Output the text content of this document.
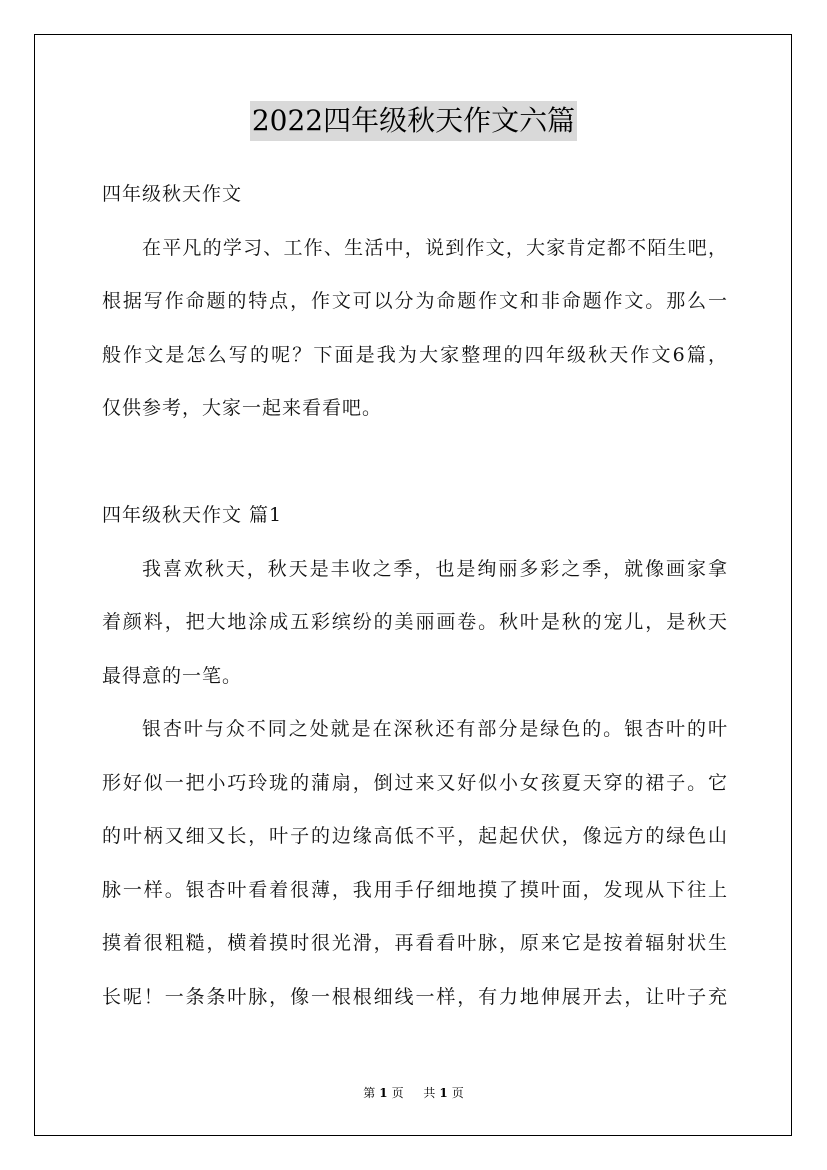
2022四年级秋天作文六篇
四年级秋天作文
在平凡的学习、工作、生活中，说到作文，大家肯定都不陌生吧，
根据写作命题的特点，作文可以分为命题作文和非命题作文。那么一
般作文是怎么写的呢？下面是我为大家整理的四年级秋天作文6篇，
仅供参考，大家一起来看看吧。
四年级秋天作文 篇1
我喜欢秋天，秋天是丰收之季，也是绚丽多彩之季，就像画家拿
着颜料，把大地涂成五彩缤纷的美丽画卷。秋叶是秋的宠儿，是秋天
最得意的一笔。
银杏叶与众不同之处就是在深秋还有部分是绿色的。银杏叶的叶
形好似一把小巧玲珑的蒲扇，倒过来又好似小女孩夏天穿的裙子。它
的叶柄又细又长，叶子的边缘高低不平，起起伏伏，像远方的绿色山
脉一样。银杏叶看着很薄，我用手仔细地摸了摸叶面，发现从下往上
摸着很粗糙，横着摸时很光滑，再看看叶脉，原来它是按着辐射状生
长呢！一条条叶脉，像一根根细线一样，有力地伸展开去，让叶子充
第 1 页 共 1 页
